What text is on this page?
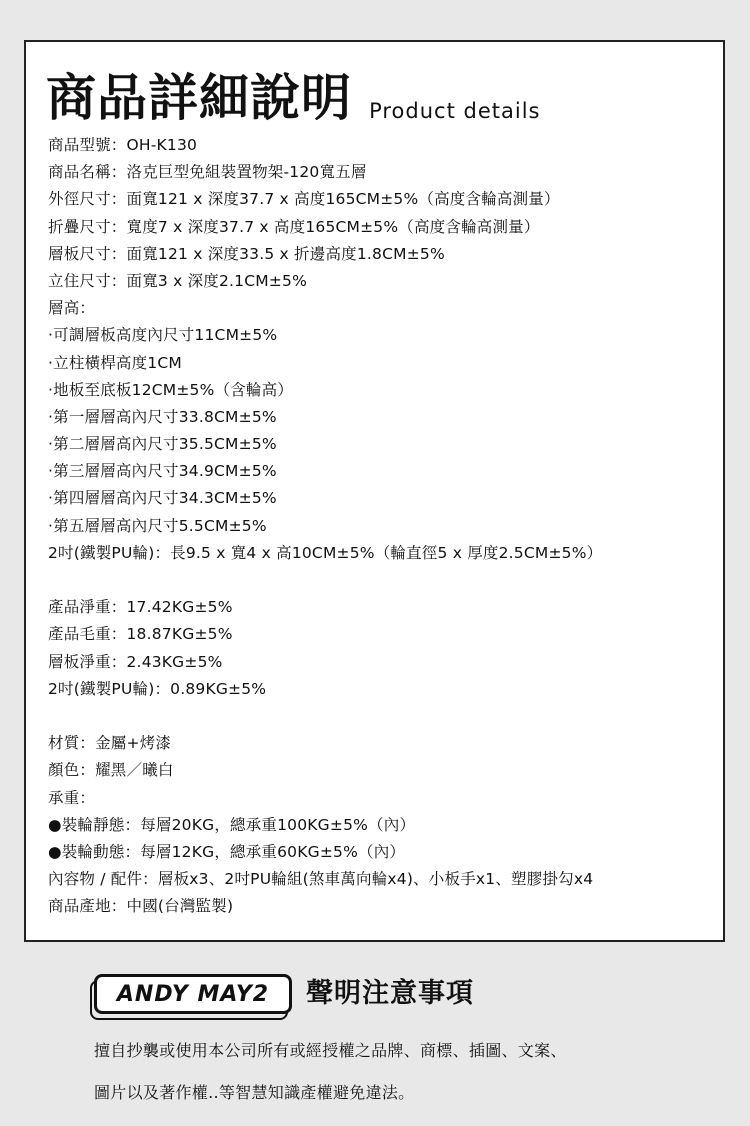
商品詳細說明 Product details
商品型號：OH-K130
商品名稱：洛克巨型免組裝置物架-120寬五層
外徑尺寸：面寬121 x 深度37.7 x 高度165CM±5%（高度含輪高測量）
折疊尺寸：寬度7 x 深度37.7 x 高度165CM±5%（高度含輪高測量）
層板尺寸：面寬121 x 深度33.5 x 折邊高度1.8CM±5%
立住尺寸：面寬3 x 深度2.1CM±5%
層高：
‧可調層板高度內尺寸11CM±5%
‧立柱橫桿高度1CM
‧地板至底板12CM±5%（含輪高）
‧第一層層高內尺寸33.8CM±5%
‧第二層層高內尺寸35.5CM±5%
‧第三層層高內尺寸34.9CM±5%
‧第四層層高內尺寸34.3CM±5%
‧第五層層高內尺寸5.5CM±5%
2吋(鐵製PU輪)：長9.5 x 寬4 x 高10CM±5%（輪直徑5 x 厚度2.5CM±5%）
產品淨重：17.42KG±5%
產品毛重：18.87KG±5%
層板淨重：2.43KG±5%
2吋(鐵製PU輪)：0.89KG±5%
材質：金屬+烤漆
顏色：耀黑／曦白
承重：
●裝輪靜態：每層20KG，總承重100KG±5%（內）
●裝輪動態：每層12KG，總承重60KG±5%（內）
內容物 / 配件：層板x3、2吋PU輪組(煞車萬向輪x4)、小板手x1、塑膠掛勾x4
商品產地：中國(台灣監製)
ANDY MAY2 聲明注意事項
擅自抄襲或使用本公司所有或經授權之品牌、商標、插圖、文案、
圖片以及著作權..等智慧知識產權避免違法。
